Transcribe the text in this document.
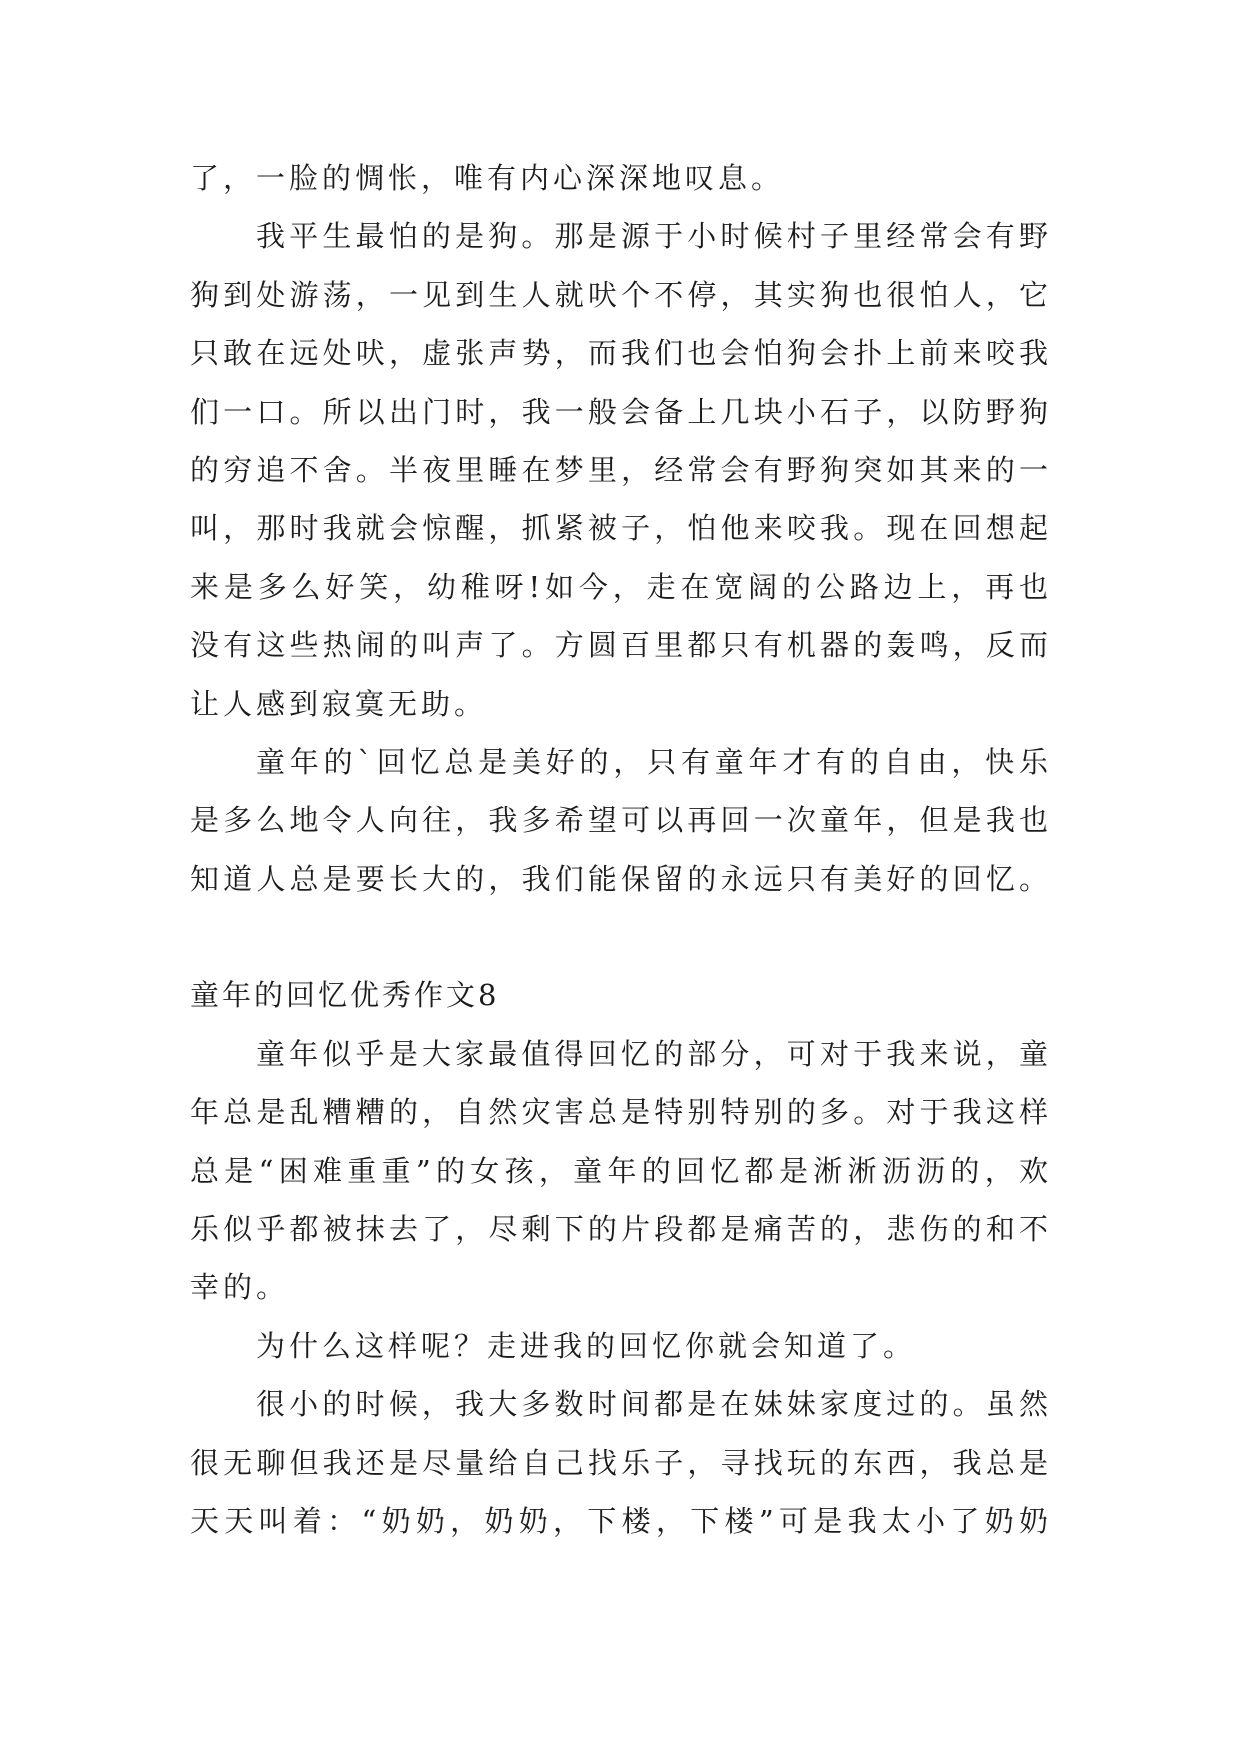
了，一脸的惆怅，唯有内心深深地叹息。
我平生最怕的是狗。那是源于小时候村子里经常会有野
狗到处游荡，一见到生人就吠个不停，其实狗也很怕人，它
只敢在远处吠，虚张声势，而我们也会怕狗会扑上前来咬我
们一口。所以出门时，我一般会备上几块小石子，以防野狗
的穷追不舍。半夜里睡在梦里，经常会有野狗突如其来的一
叫，那时我就会惊醒，抓紧被子，怕他来咬我。现在回想起
来是多么好笑，幼稚呀!如今，走在宽阔的公路边上，再也
没有这些热闹的叫声了。方圆百里都只有机器的轰鸣，反而
让人感到寂寞无助。
童年的`回忆总是美好的，只有童年才有的自由，快乐
是多么地令人向往，我多希望可以再回一次童年，但是我也
知道人总是要长大的，我们能保留的永远只有美好的回忆。
童年的回忆优秀作文8
童年似乎是大家最值得回忆的部分，可对于我来说，童
年总是乱糟糟的，自然灾害总是特别特别的多。对于我这样
总是“困难重重”的女孩，童年的回忆都是淅淅沥沥的，欢
乐似乎都被抹去了，尽剩下的片段都是痛苦的，悲伤的和不
幸的。
为什么这样呢？走进我的回忆你就会知道了。
很小的时候，我大多数时间都是在妹妹家度过的。虽然
很无聊但我还是尽量给自己找乐子，寻找玩的东西，我总是
天天叫着：“奶奶，奶奶，下楼，下楼”可是我太小了奶奶
